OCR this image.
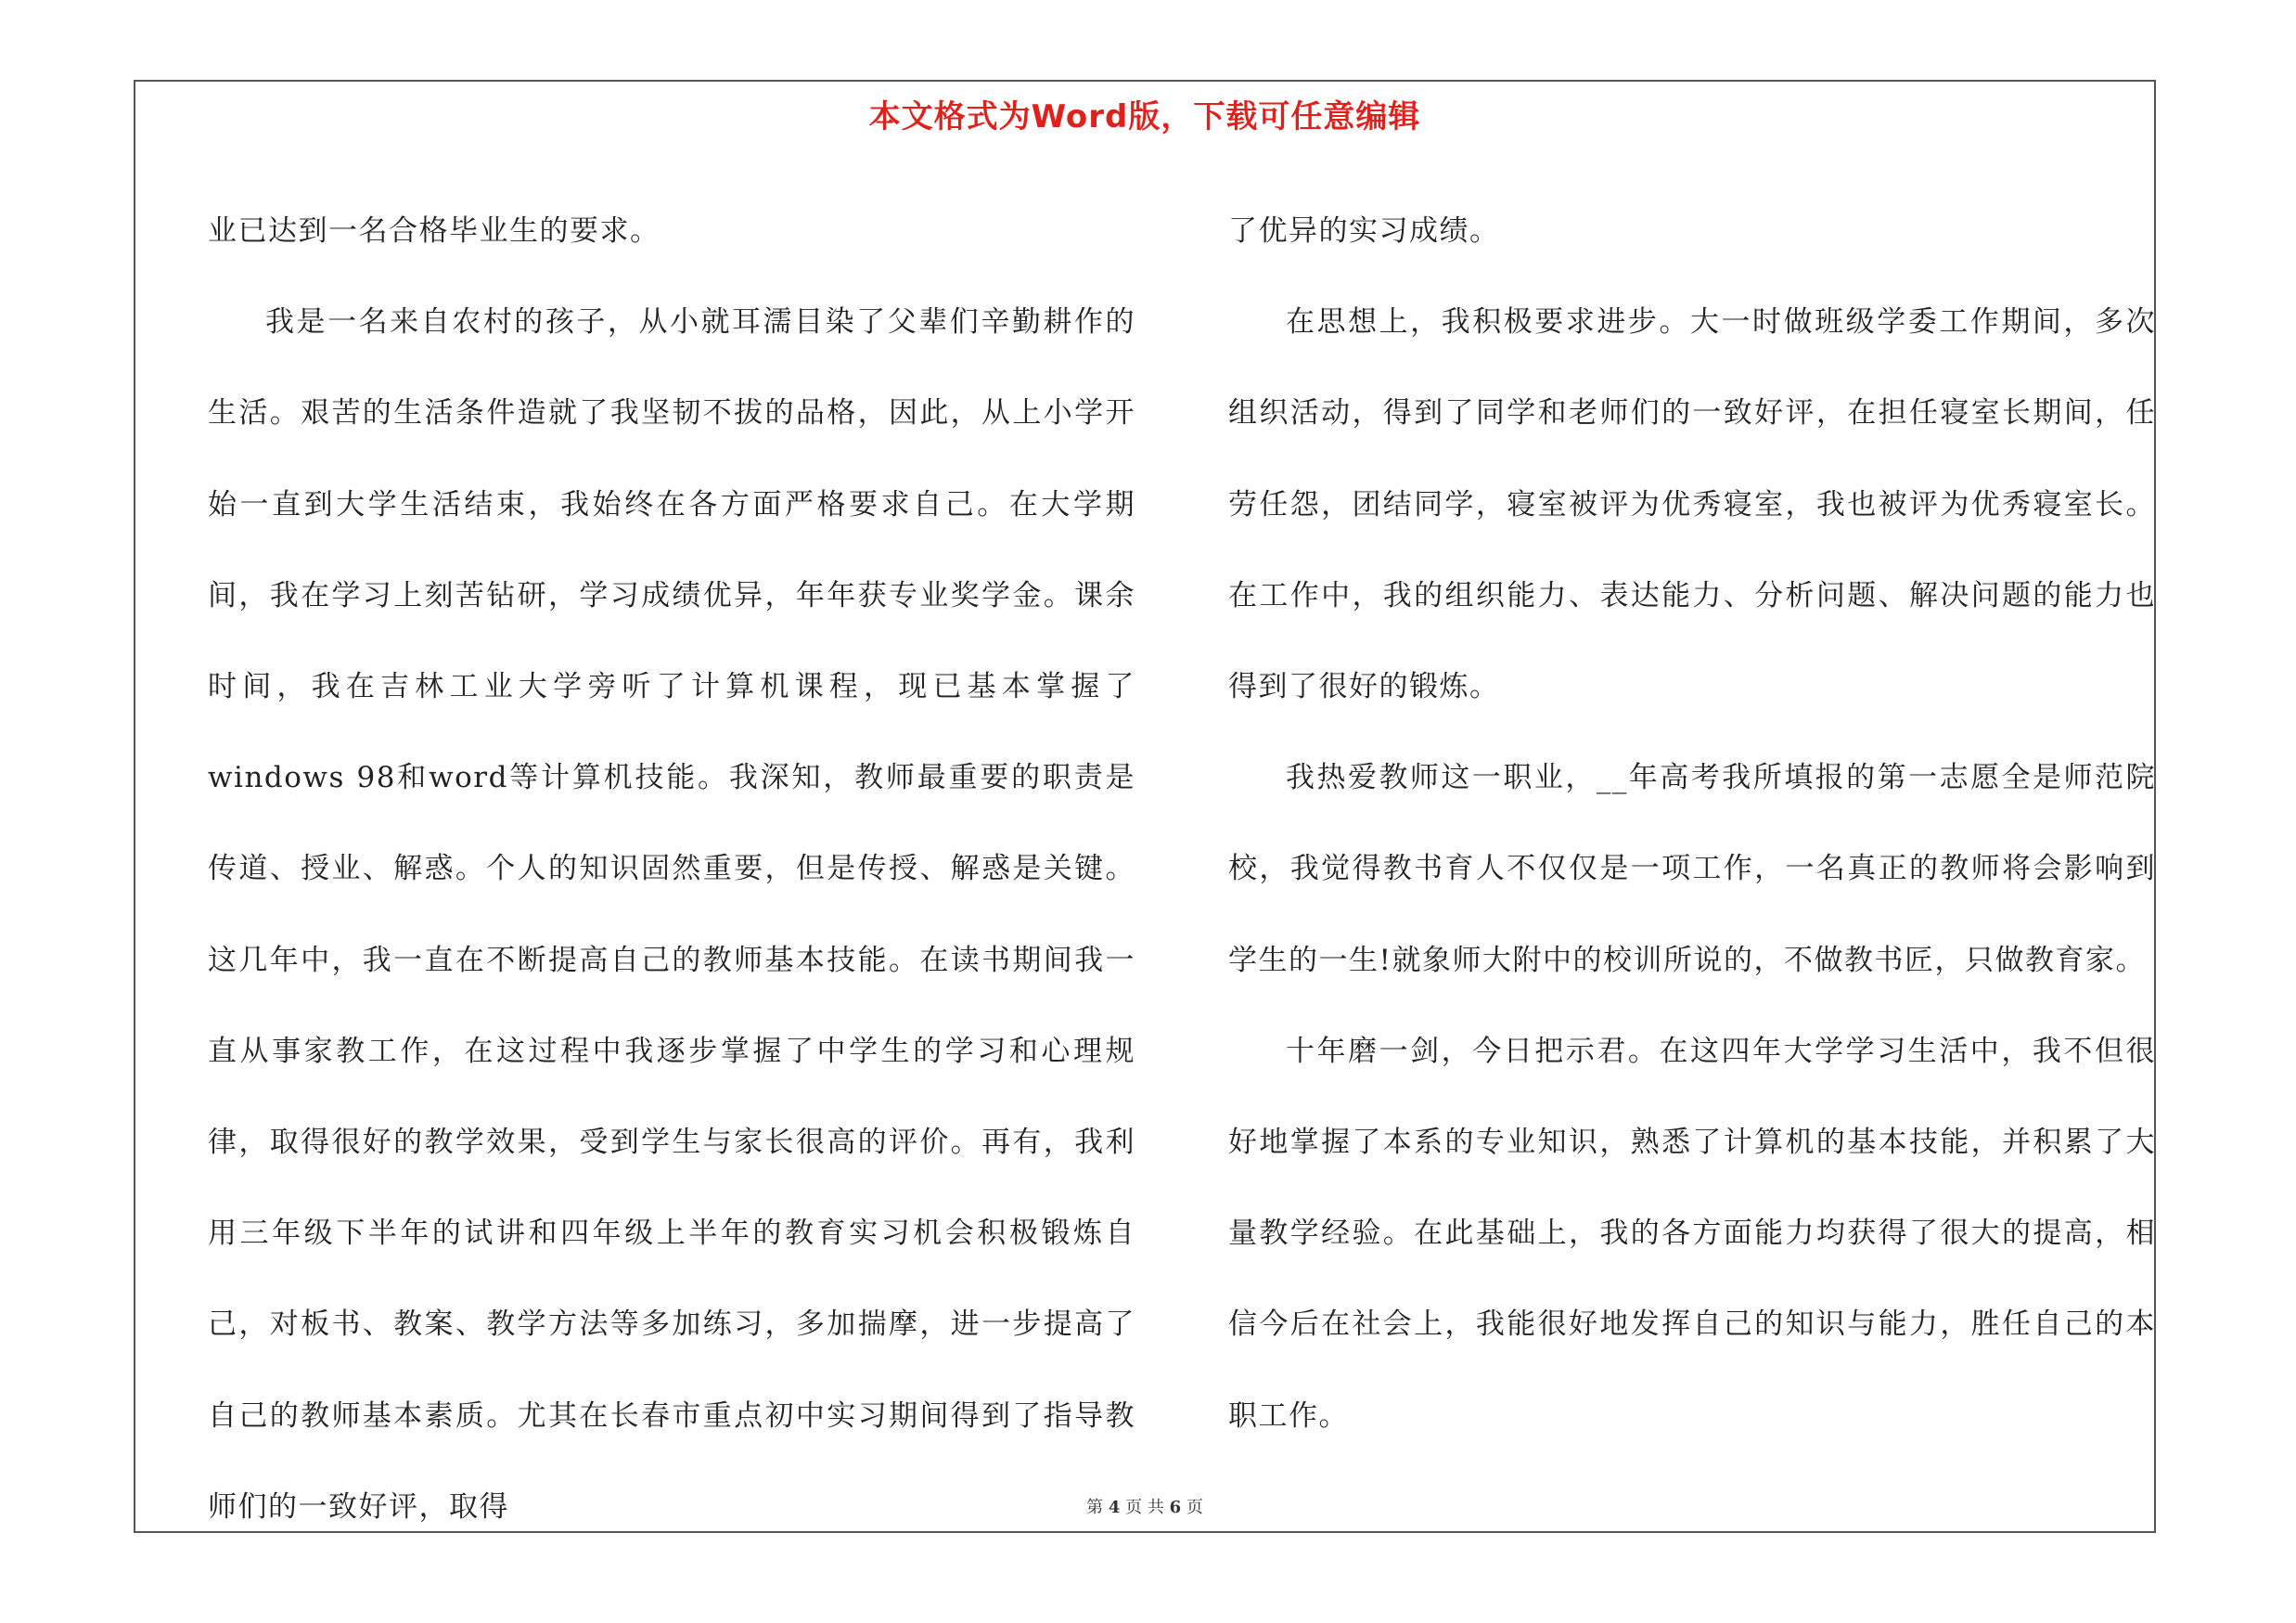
本文格式为Word版，下载可任意编辑

业已达到一名合格毕业生的要求。

我是一名来自农村的孩子，从小就耳濡目染了父辈们辛勤耕作的生活。艰苦的生活条件造就了我坚韧不拔的品格，因此，从上小学开始一直到大学生活结束，我始终在各方面严格要求自己。在大学期间，我在学习上刻苦钻研，学习成绩优异，年年获专业奖学金。课余时间，我在吉林工业大学旁听了计算机课程，现已基本掌握了windows 98和word等计算机技能。我深知，教师最重要的职责是传道、授业、解惑。个人的知识固然重要，但是传授、解惑是关键。这几年中，我一直在不断提高自己的教师基本技能。在读书期间我一直从事家教工作，在这过程中我逐步掌握了中学生的学习和心理规律，取得很好的教学效果，受到学生与家长很高的评价。再有，我利用三年级下半年的试讲和四年级上半年的教育实习机会积极锻炼自己，对板书、教案、教学方法等多加练习，多加揣摩，进一步提高了自己的教师基本素质。尤其在长春市重点初中实习期间得到了指导教师们的一致好评，取得

了优异的实习成绩。

在思想上，我积极要求进步。大一时做班级学委工作期间，多次组织活动，得到了同学和老师们的一致好评，在担任寝室长期间，任劳任怨，团结同学，寝室被评为优秀寝室，我也被评为优秀寝室长。在工作中，我的组织能力、表达能力、分析问题、解决问题的能力也得到了很好的锻炼。

我热爱教师这一职业，__年高考我所填报的第一志愿全是师范院校，我觉得教书育人不仅仅是一项工作，一名真正的教师将会影响到学生的一生!就象师大附中的校训所说的，不做教书匠，只做教育家。

十年磨一剑，今日把示君。在这四年大学学习生活中，我不但很好地掌握了本系的专业知识，熟悉了计算机的基本技能，并积累了大量教学经验。在此基础上，我的各方面能力均获得了很大的提高，相信今后在社会上，我能很好地发挥自己的知识与能力，胜任自己的本职工作。

第 4 页 共 6 页
